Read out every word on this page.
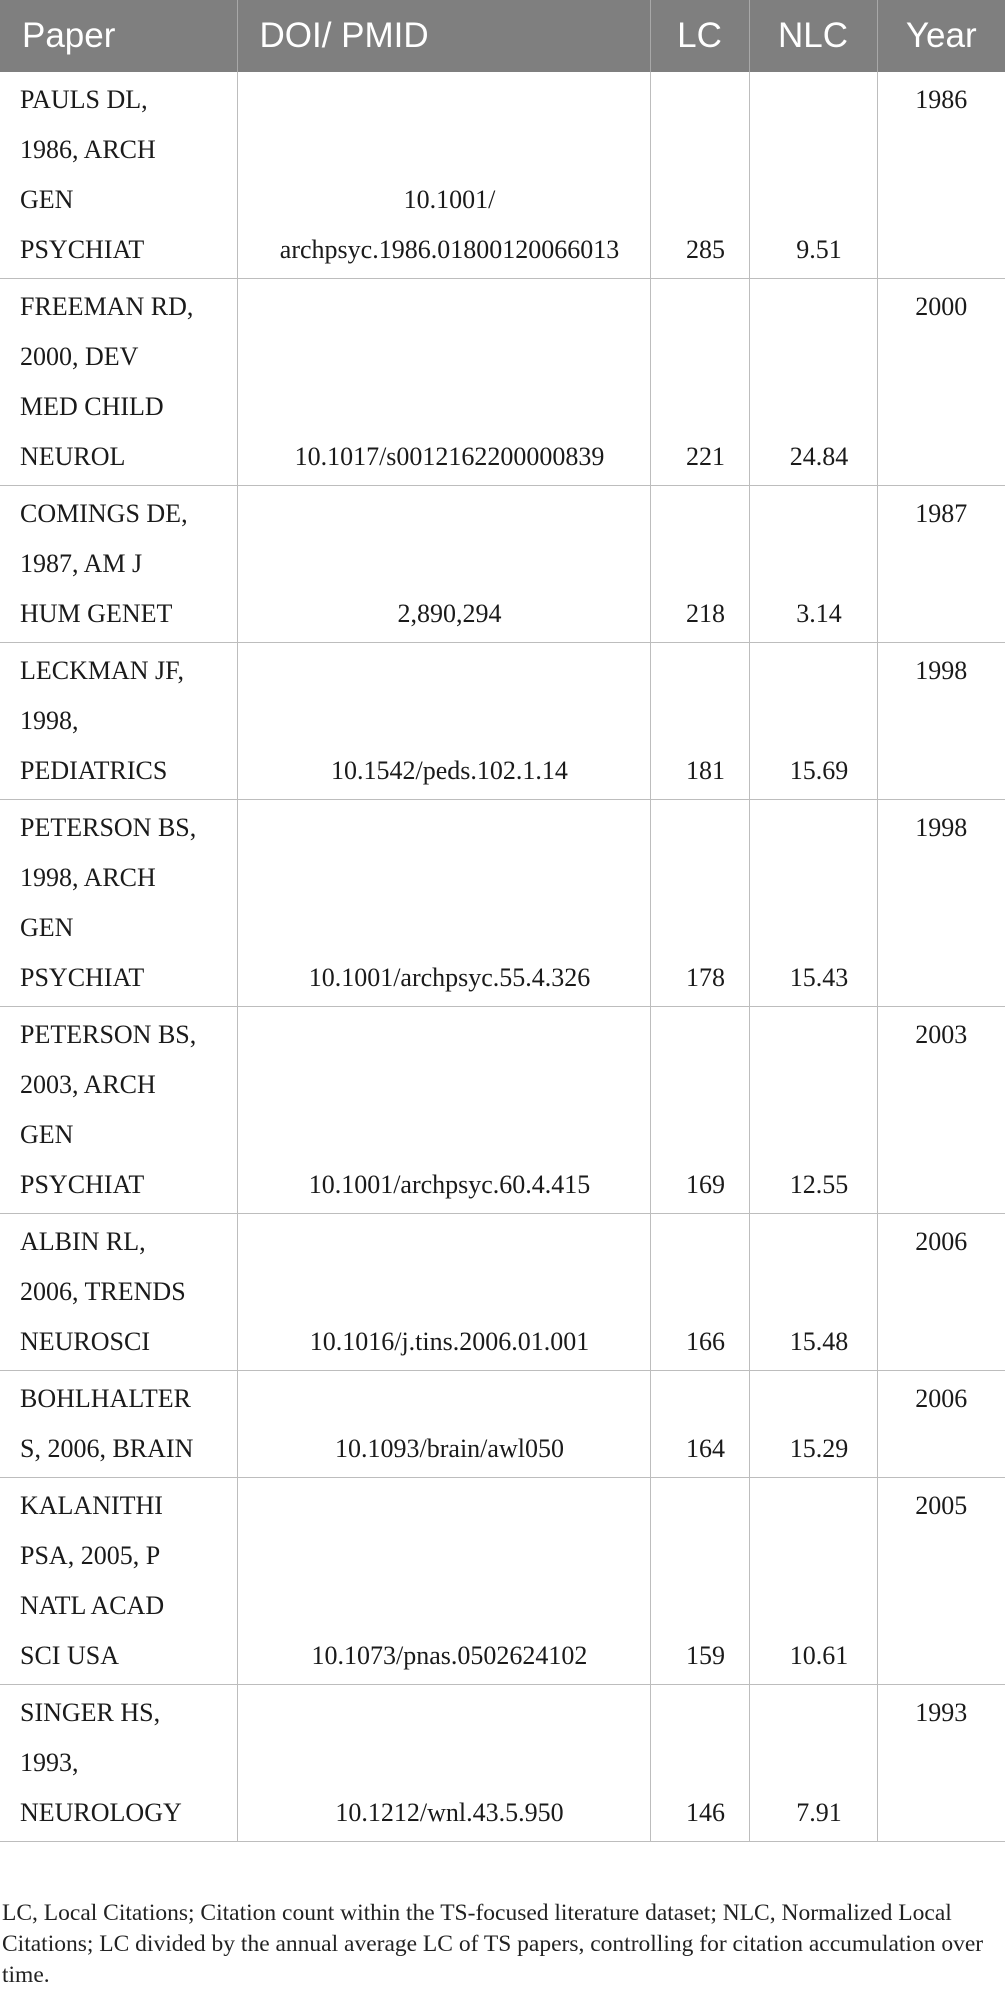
Paper	DOI/ PMID	LC	NLC	Year

PAULS DL,
1986, ARCH
GEN
PSYCHIAT	10.1001/
archpsyc.1986.01800120066013	285	9.51	1986

FREEMAN RD,
2000, DEV
MED CHILD
NEUROL	10.1017/s0012162200000839	221	24.84	2000

COMINGS DE,
1987, AM J
HUM GENET	2,890,294	218	3.14	1987

LECKMAN JF,
1998,
PEDIATRICS	10.1542/peds.102.1.14	181	15.69	1998

PETERSON BS,
1998, ARCH
GEN
PSYCHIAT	10.1001/archpsyc.55.4.326	178	15.43	1998

PETERSON BS,
2003, ARCH
GEN
PSYCHIAT	10.1001/archpsyc.60.4.415	169	12.55	2003

ALBIN RL,
2006, TRENDS
NEUROSCI	10.1016/j.tins.2006.01.001	166	15.48	2006

BOHLHALTER
S, 2006, BRAIN	10.1093/brain/awl050	164	15.29	2006

KALANITHI
PSA, 2005, P
NATL ACAD
SCI USA	10.1073/pnas.0502624102	159	10.61	2005

SINGER HS,
1993,
NEUROLOGY	10.1212/wnl.43.5.950	146	7.91	1993
LC, Local Citations; Citation count within the TS-focused literature dataset; NLC, Normalized Local Citations; LC divided by the annual average LC of TS papers, controlling for citation accumulation over time.
